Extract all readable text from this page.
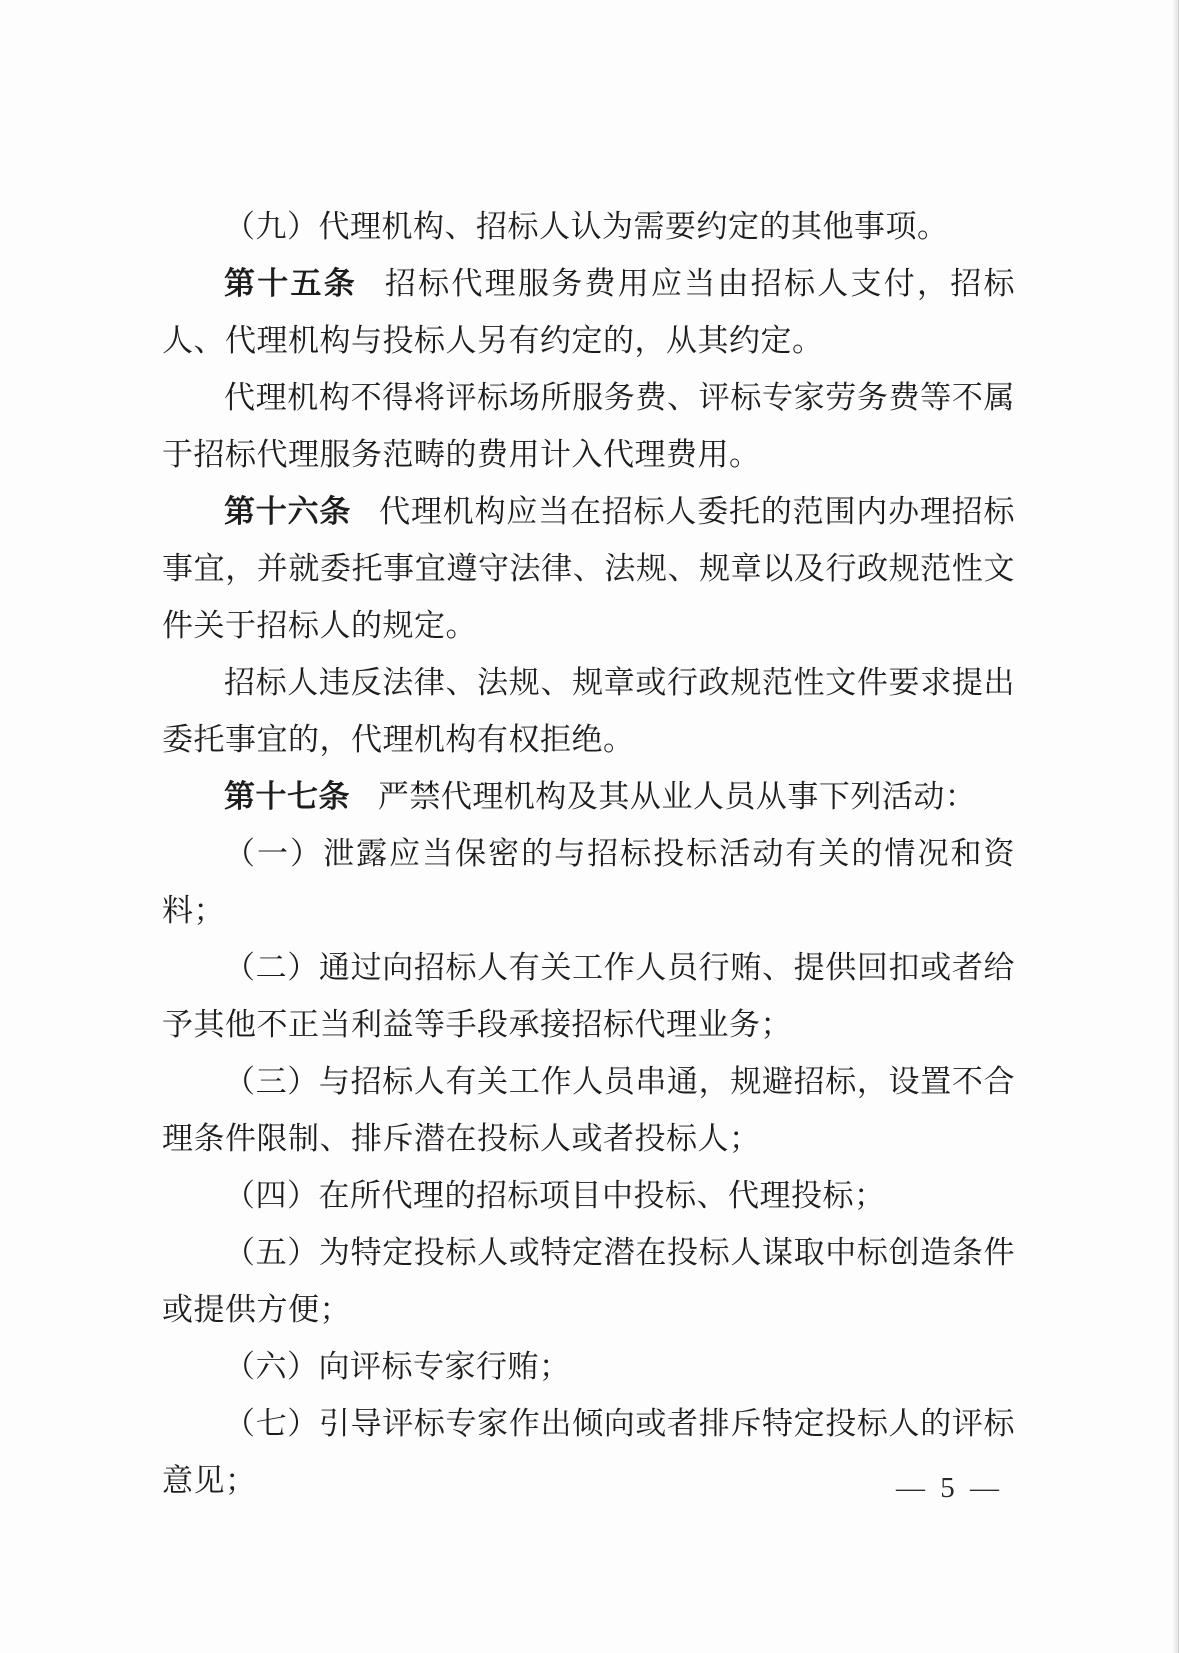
（九）代理机构、招标人认为需要约定的其他事项。

第十五条 招标代理服务费用应当由招标人支付，招标人、代理机构与投标人另有约定的，从其约定。

代理机构不得将评标场所服务费、评标专家劳务费等不属于招标代理服务范畴的费用计入代理费用。

第十六条 代理机构应当在招标人委托的范围内办理招标事宜，并就委托事宜遵守法律、法规、规章以及行政规范性文件关于招标人的规定。

招标人违反法律、法规、规章或行政规范性文件要求提出委托事宜的，代理机构有权拒绝。

第十七条 严禁代理机构及其从业人员从事下列活动：

（一）泄露应当保密的与招标投标活动有关的情况和资料；

（二）通过向招标人有关工作人员行贿、提供回扣或者给予其他不正当利益等手段承接招标代理业务；

（三）与招标人有关工作人员串通，规避招标，设置不合理条件限制、排斥潜在投标人或者投标人；

（四）在所代理的招标项目中投标、代理投标；

（五）为特定投标人或特定潜在投标人谋取中标创造条件或提供方便；

（六）向评标专家行贿；

（七）引导评标专家作出倾向或者排斥特定投标人的评标意见；	— 5 —
